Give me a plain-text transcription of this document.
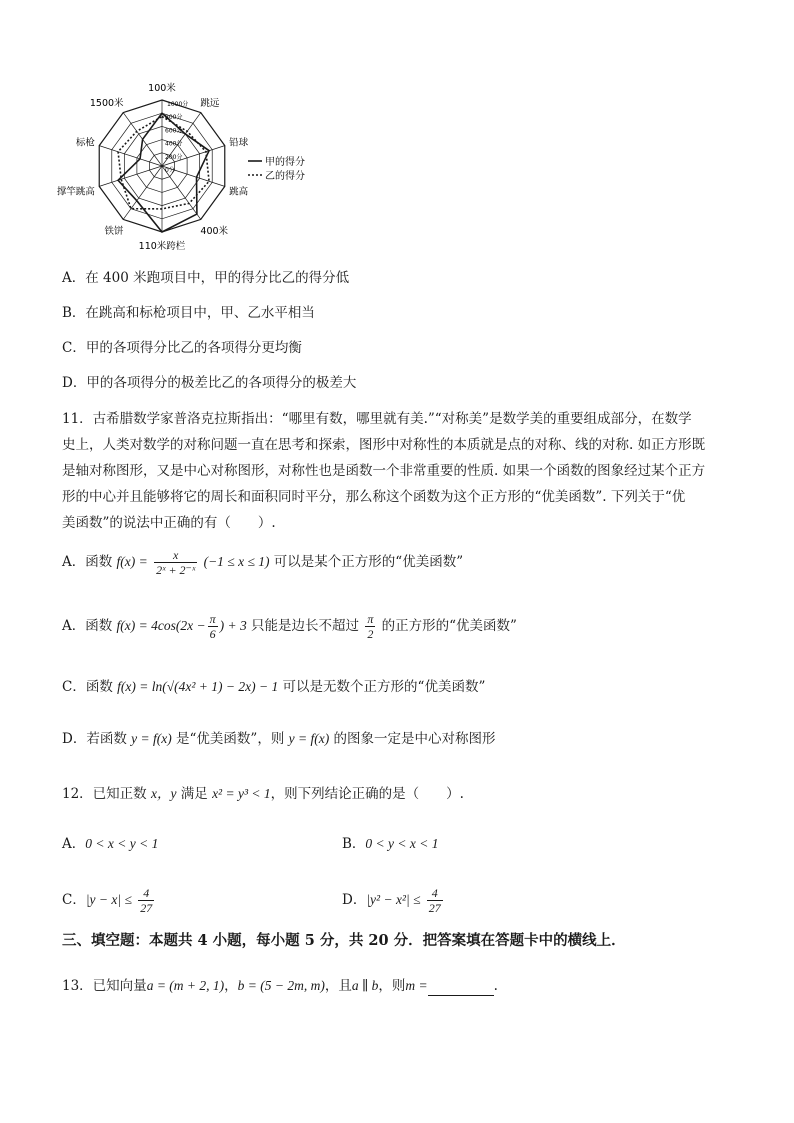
100米
跳远
铅球
跳高
400米
110米跨栏
铁饼
撑竿跳高
标枪
1500米	1000分
800分
600分
400分
200分
0分
甲的得分
乙的得分
A．在 400 米跑项目中，甲的得分比乙的得分低
B．在跳高和标枪项目中，甲、乙水平相当
C．甲的各项得分比乙的各项得分更均衡
D．甲的各项得分的极差比乙的各项得分的极差大
11．古希腊数学家普洛克拉斯指出：“哪里有数，哪里就有美.”“对称美”是数学美的重要组成部分，在数学
史上，人类对数学的对称问题一直在思考和探索，图形中对称性的本质就是点的对称、线的对称. 如正方形既
是轴对称图形，又是中心对称图形，对称性也是函数一个非常重要的性质. 如果一个函数的图象经过某个正方
形的中心并且能够将它的周长和面积同时平分，那么称这个函数为这个正方形的“优美函数”. 下列关于“优
美函数”的说法中正确的有（　　）.
A．函数 $f(x) = \frac{x}{\text{2ˣ + 2⁻ˣ}} (-1 \le x \le 1)$ 可以是某个正方形的“优美函数”
A．函数 $f(x) = 4\cos(2x - \frac{\pi}{6}$ ) + 3 只能是边长不超过 $\frac{\pi}{2}$ 的正方形的“优美函数”
C．函数 f(x) = ln(√(4x² + 1) − 2x) − 1 可以是无数个正方形的“优美函数”
D．若函数 y = f(x) 是“优美函数”，则 y = f(x) 的图象一定是中心对称图形
12．已知正数 x，y 满足 x² = y³ < 1，则下列结论正确的是（　　）.
A．0 < x < y < 1	B．0 < y < x < 1
C．$|y - x| \le \frac{4}{27}$	D．$|y^2 - x^2| \le \frac{4}{27}$
三、填空题：本题共 4 小题，每小题 5 分，共 20 分．把答案填在答题卡中的横线上．
13．已知向量a = (m + 2, 1)，b = (5 − 2m, m)，且a ∥ b，则m =	.
